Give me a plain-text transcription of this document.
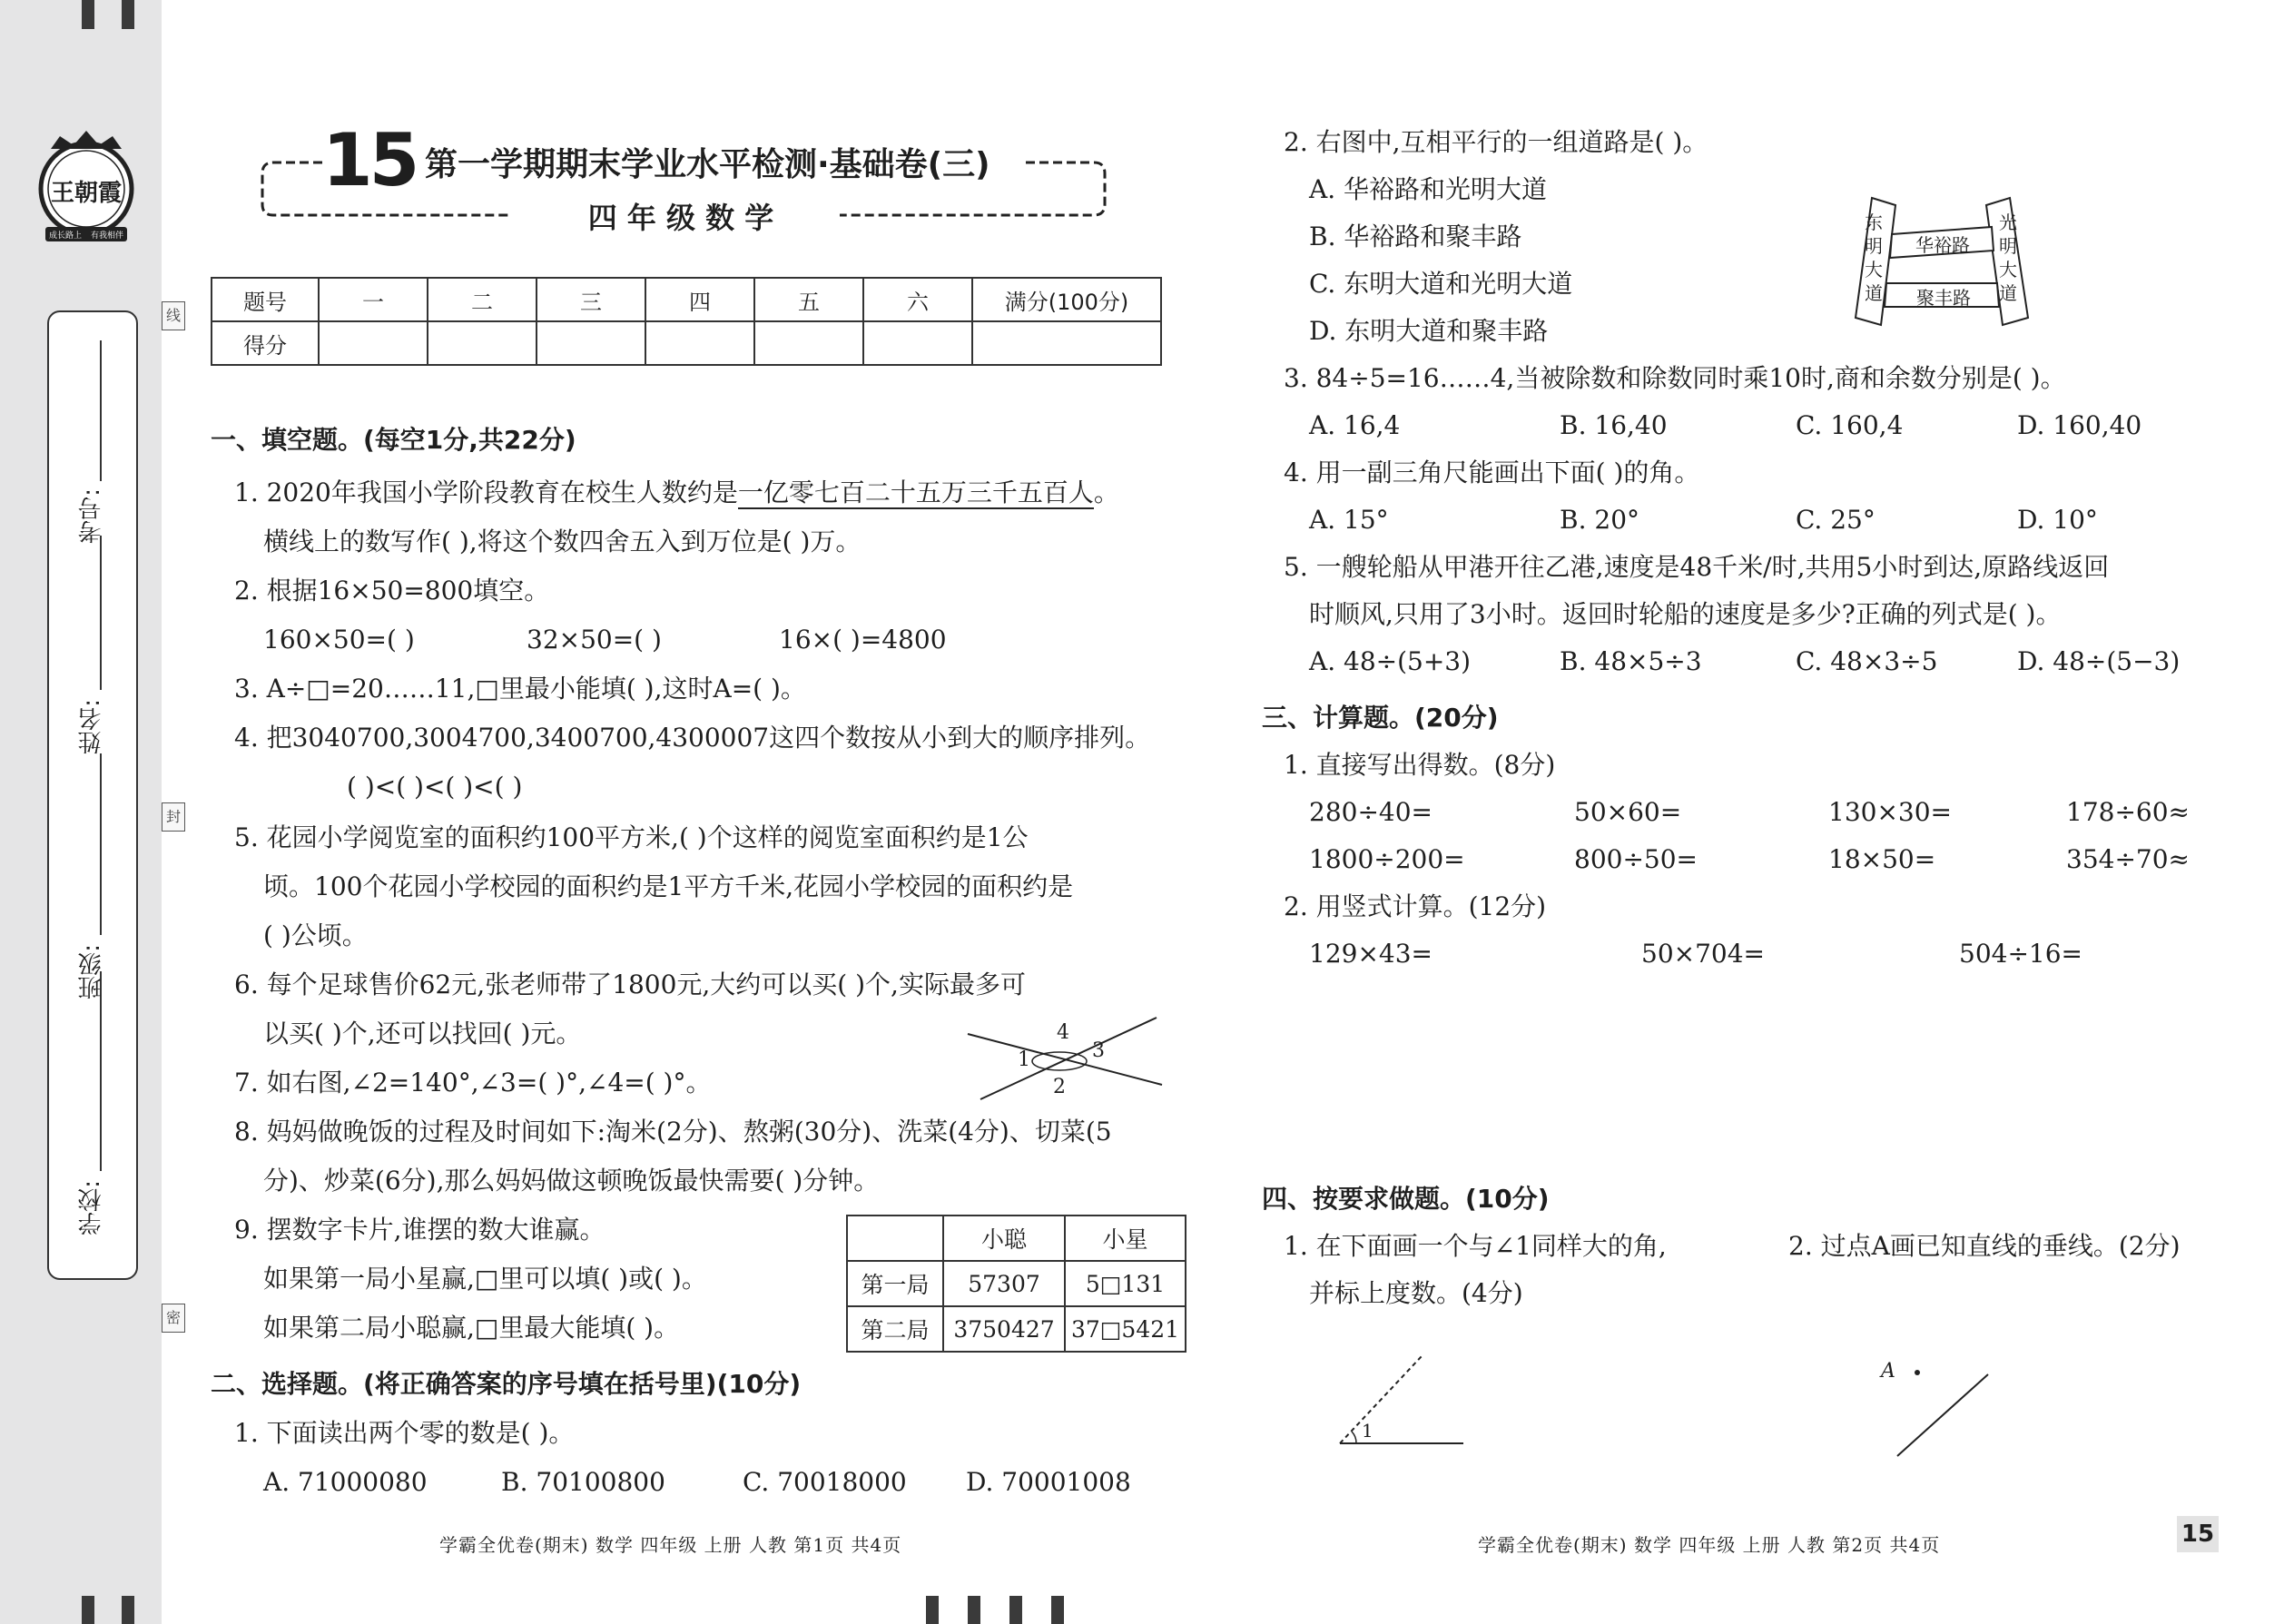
王朝霞
成长路上	有我相伴
学校:
班级:
姓名:
考号:
线
封
密
15 第一学期期末学业水平检测·基础卷(三)
四 年 级 数 学
题号	一	二	三	四	五	六	满分(100分)
得分							
一、填空题。(每空1分,共22分)
1. 2020年我国小学阶段教育在校生人数约是一亿零七百二十五万三千五百人。
横线上的数写作( ),将这个数四舍五入到万位是( )万。
2. 根据16×50=800填空。
160×50=( )	32×50=( )	16×( )=4800
3. A÷□=20……11,□里最小能填( ),这时A=( )。
4. 把3040700,3004700,3400700,4300007这四个数按从小到大的顺序排列。
( )<( )<( )<( )
5. 花园小学阅览室的面积约100平方米,( )个这样的阅览室面积约是1公
顷。100个花园小学校园的面积约是1平方千米,花园小学校园的面积约是
( )公顷。
6. 每个足球售价62元,张老师带了1800元,大约可以买( )个,实际最多可
以买( )个,还可以找回( )元。
7. 如右图,∠2=140°,∠3=( )°,∠4=( )°。
1
2
3
4
8. 妈妈做晚饭的过程及时间如下:淘米(2分)、熬粥(30分)、洗菜(4分)、切菜(5
分)、炒菜(6分),那么妈妈做这顿晚饭最快需要( )分钟。
9. 摆数字卡片,谁摆的数大谁赢。
如果第一局小星赢,□里可以填( )或( )。
如果第二局小聪赢,□里最大能填( )。
	小聪	小星
第一局	57307	5□131
第二局	3750427	37□5421
二、选择题。(将正确答案的序号填在括号里)(10分)
1. 下面读出两个零的数是( )。
A. 71000080	B. 70100800	C. 70018000 D. 70001008
学霸全优卷(期末) 数学 四年级 上册 人教 第1页 共4页
2. 右图中,互相平行的一组道路是( )。
A. 华裕路和光明大道
B. 华裕路和聚丰路
C. 东明大道和光明大道
D. 东明大道和聚丰路
东明大道
光明大道
华裕路
聚丰路
3. 84÷5=16……4,当被除数和除数同时乘10时,商和余数分别是( )。
A. 16,4	B. 16,40	C. 160,4	D. 160,40
4. 用一副三角尺能画出下面( )的角。
A. 15°	B. 20°	C. 25°	D. 10°
5. 一艘轮船从甲港开往乙港,速度是48千米/时,共用5小时到达,原路线返回
时顺风,只用了3小时。返回时轮船的速度是多少?正确的列式是( )。
A. 48÷(5+3)	B. 48×5÷3	C. 48×3÷5	D. 48÷(5−3)
三、计算题。(20分)
1. 直接写出得数。(8分)
280÷40=	50×60=	130×30=	178÷60≈
1800÷200=	800÷50=	18×50=	354÷70≈
2. 用竖式计算。(12分)
129×43=	50×704=	504÷16=
四、按要求做题。(10分)
1. 在下面画一个与∠1同样大的角,
并标上度数。(4分)
2. 过点A画已知直线的垂线。(2分)
1
A
学霸全优卷(期末) 数学 四年级 上册 人教 第2页 共4页	15
